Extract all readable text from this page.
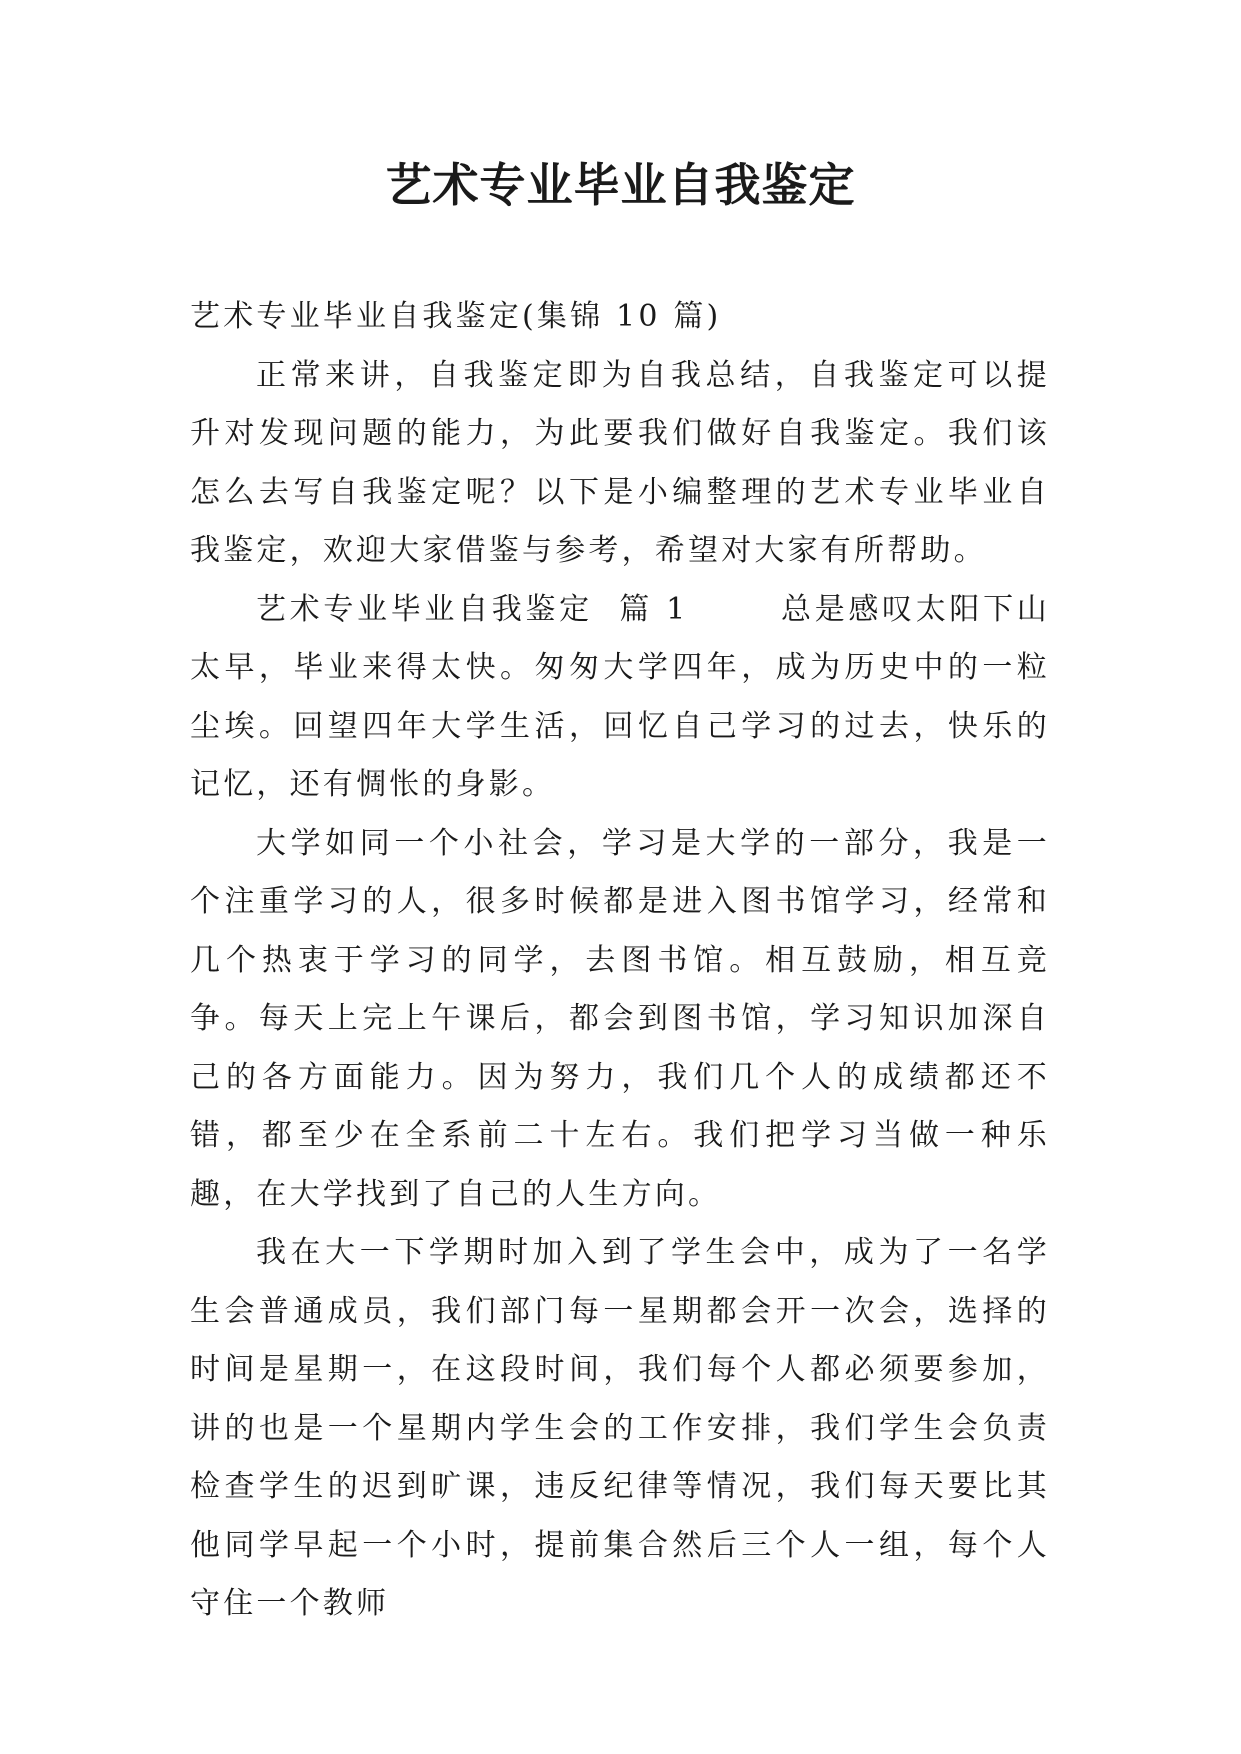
艺术专业毕业自我鉴定

艺术专业毕业自我鉴定(集锦 10 篇)

正常来讲，自我鉴定即为自我总结，自我鉴定可以提升对发现问题的能力，为此要我们做好自我鉴定。我们该怎么去写自我鉴定呢？以下是小编整理的艺术专业毕业自我鉴定，欢迎大家借鉴与参考，希望对大家有所帮助。

艺术专业毕业自我鉴定  篇 1       总是感叹太阳下山太早，毕业来得太快。匆匆大学四年，成为历史中的一粒尘埃。回望四年大学生活，回忆自己学习的过去，快乐的记忆，还有惆怅的身影。

大学如同一个小社会，学习是大学的一部分，我是一个注重学习的人，很多时候都是进入图书馆学习，经常和几个热衷于学习的同学，去图书馆。相互鼓励，相互竞争。每天上完上午课后，都会到图书馆，学习知识加深自己的各方面能力。因为努力，我们几个人的成绩都还不错，都至少在全系前二十左右。我们把学习当做一种乐趣，在大学找到了自己的人生方向。

我在大一下学期时加入到了学生会中，成为了一名学生会普通成员，我们部门每一星期都会开一次会，选择的时间是星期一，在这段时间，我们每个人都必须要参加，讲的也是一个星期内学生会的工作安排，我们学生会负责检查学生的迟到旷课，违反纪律等情况，我们每天要比其他同学早起一个小时，提前集合然后三个人一组，每个人守住一个教师
